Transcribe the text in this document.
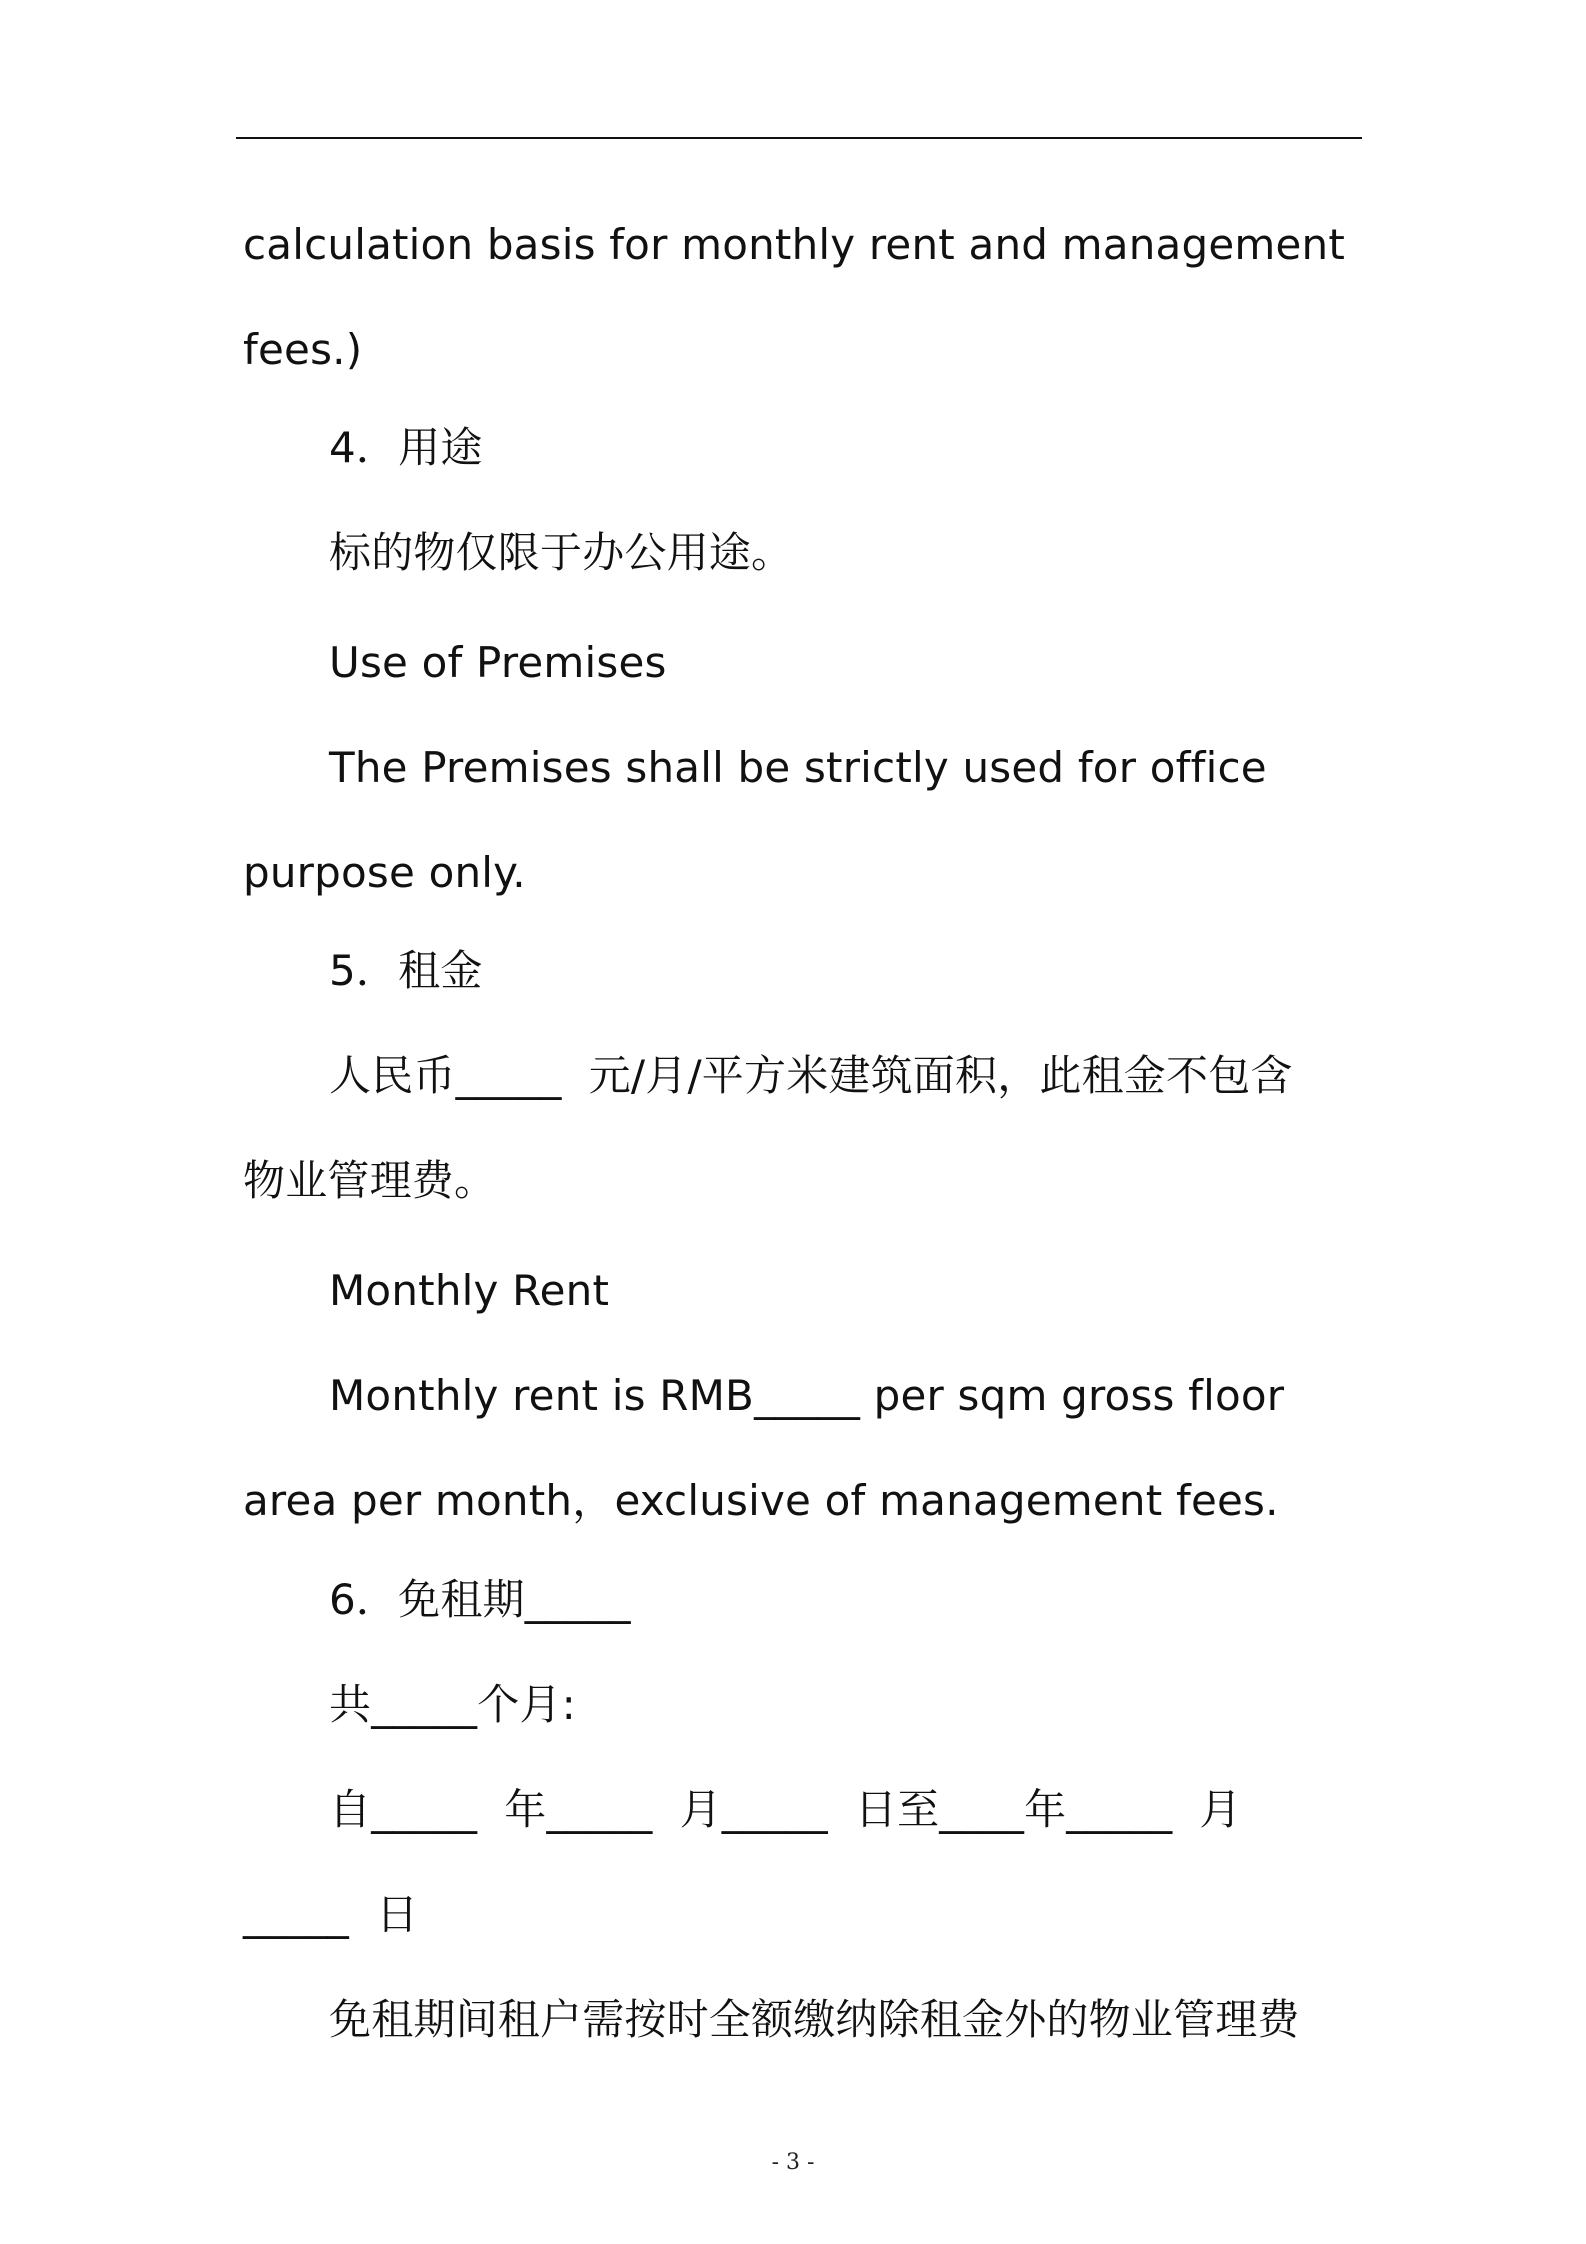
calculation basis for monthly rent and management
fees.)
4．用途
标的物仅限于办公用途。
Use of Premises
The Premises shall be strictly used for office
purpose only.
5．租金
人民币_____  元/月/平方米建筑面积，此租金不包含
物业管理费。
Monthly Rent
Monthly rent is RMB_____ per sqm gross floor
area per month，exclusive of management fees.
6．免租期_____
共_____个月:
自_____  年_____  月_____  日至____年_____  月
_____  日
免租期间租户需按时全额缴纳除租金外的物业管理费
- 3 -
